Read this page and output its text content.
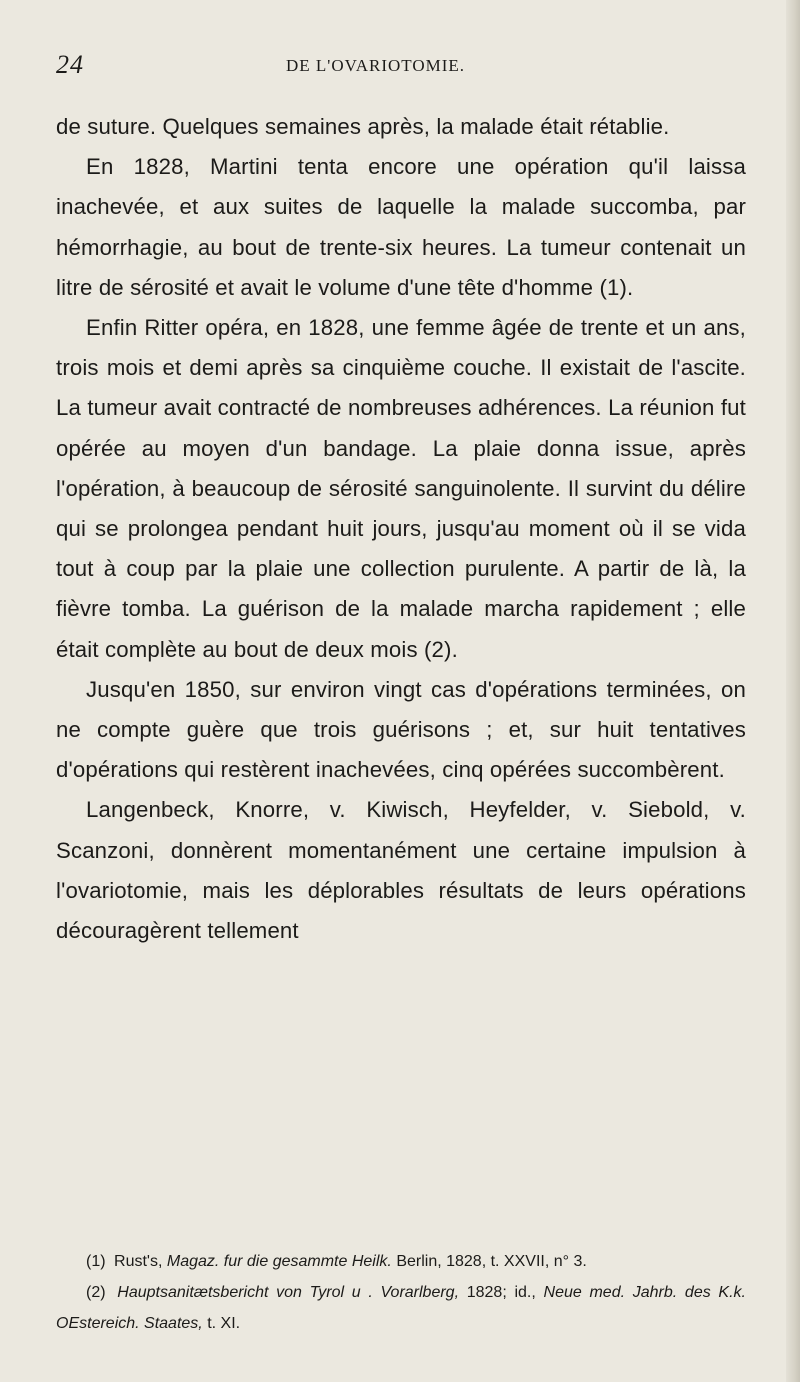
24	DE L'OVARIOTOMIE.

de suture. Quelques semaines après, la malade était rétablie.

En 1828, Martini tenta encore une opération qu'il laissa inachevée, et aux suites de laquelle la malade succomba, par hémorrhagie, au bout de trente-six heures. La tumeur contenait un litre de sérosité et avait le volume d'une tête d'homme (1).

Enfin Ritter opéra, en 1828, une femme âgée de trente et un ans, trois mois et demi après sa cinquième couche. Il existait de l'ascite. La tumeur avait contracté de nombreuses adhérences. La réunion fut opérée au moyen d'un bandage. La plaie donna issue, après l'opération, à beaucoup de sérosité sanguinolente. Il survint du délire qui se prolongea pendant huit jours, jusqu'au moment où il se vida tout à coup par la plaie une collection purulente. A partir de là, la fièvre tomba. La guérison de la malade marcha rapidement ; elle était complète au bout de deux mois (2).

Jusqu'en 1850, sur environ vingt cas d'opérations terminées, on ne compte guère que trois guérisons ; et, sur huit tentatives d'opérations qui restèrent inachevées, cinq opérées succombèrent.

Langenbeck, Knorre, v. Kiwisch, Heyfelder, v. Siebold, v. Scanzoni, donnèrent momentanément une certaine impulsion à l'ovariotomie, mais les déplorables résultats de leurs opérations découragèrent tellement

(1) Rust's, Magaz. fur die gesammte Heilk. Berlin, 1828, t. XXVII, n° 3.

(2) Hauptsanitætsbericht von Tyrol u . Vorarlberg, 1828; id., Neue med. Jahrb. des K.k. OEstereich. Staates, t. XI.
